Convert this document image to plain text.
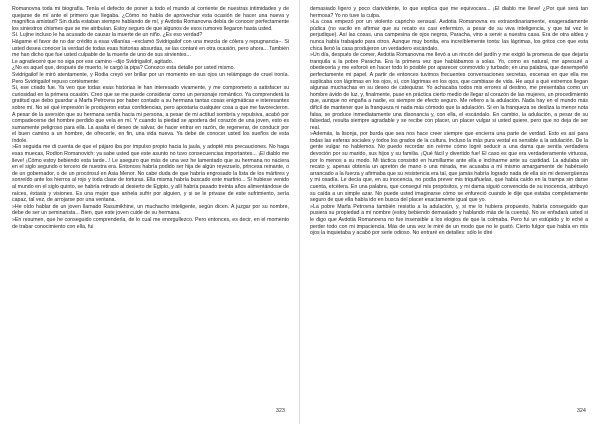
Romanovna toda mi biografía. Tenía el defecto de poner a todo el mundo al corriente de nuestras intimidades y de quejarse de mí ante el primero que llegaba. ¿Cómo no había de aprovechar esta ocasión de hacer una nueva y magnífica amistad? Sin duda estaban siempre hablando de mí, y Avdotia Romanovna debía de conocer perfectamente los siniestros chismes que se me atribuían. Estoy seguro de que algunos de esos rumores llegaron hasta usted.

Sí. Lujine incluso le ha acusado de causar la muerte de un niño. ¿Es eso verdad?

Hágame el favor de no dar crédito a esas villanías –exclamó Svidrigailof con una mezcla de cólera y repugnancia–. Si usted desea conocer la verdad de todas esas historias absurdas, se las contaré en otra ocasión, pero ahora... También me han dicho que fue usted culpable de la muerte de uno de sus sirvientes...

Le agradeceré que no siga por ese camino –dijo Svidrigailof, agitado.

¿No es aquel que, después de muerto, le cargó la pipa? Conozco esta detalle por usted mismo.

Svidrigailof le miró atentamente, y Rodia creyó ver brillar por un momento en sus ojos un relámpago de cruel ironía. Pero Svidrigailof repuso cortésmente:

Sí, ese criado fue. Ya veo que todas esas historias le han interesado vivamente, y me comprometo a satisfacer su curiosidad en la primera ocasión. Creo que se me puede considerar como un personaje romántico. Ya comprenderá la gratitud que debo guardar a Marfa Petrovna por haber contado a su hermana tantas cosas enigmáticas e interesantes sobre mí. No sé qué impresión le produjeron estas confidencias, pero apostaría cualquier cosa a que me favorecieron. A pesar de la aversión que su hermana sentía hacia mi persona, a pesar de mi actitud sombría y repulsiva, acabó por compadecerse del hombre perdido que veía en mí. Y cuando la piedad se apodera del corazón de una joven, esto es sumamente peligroso para ella. La asalta el deseo de salvar, de hacer entrar en razón, de regenerar, de conducir por el buen camino a un hombre, de ofrecerle, en fin, una vida nueva. Ya debe de conocer usted los sueños de esta índole.

»En seguida me di cuenta de que el pájaro iba por impulso propio hacia la jaula, y adopté mis precauciones. No haga esas muecas, Rodion Romanovich: ya sabe usted que este asunto no tuvo consecuencias importantes... ¡El diablo me lleve! ¡Cómo estoy bebiendo esta tarde...! Le aseguro que más de una vez he lamentado que su hermana no naciera en el siglo segundo o tercero de nuestra era. Entonces habría podido ser hija de algún reyezuelo, princesa reinante, o de un gobernador, o de un procónsul en Asia Menor. No cabe duda de que habría engrosado la lista de los mártires y sonreído ante los hierros al rojo y toda clase de torturas. Ella misma habría buscado este martirio... Si hubiese venido al mundo en el siglo quinto, se habría retirado al desierto de Egipto, y allí habría pasado treinta años alimentándose de raíces, éxtasis y visiones. Es una mujer que anhela sufrir por alguien, y si se le privase de este sufrimiento, sería capaz, tal vez, de arrojarse por una ventana.

»He oído hablar de un joven llamado Rasumikhine, un muchacho inteligente, según dicen. A juzgar por su nombre, debe de ser un seminarista... Bien, que este joven cuide de su hermana.

»En resumen, que he conseguido comprenderla, de lo cual me enorgullezco. Pero entonces, es decir, en el momento de trabar conocimiento con ella, fui

323

demasiado ligero y poco clarividente, lo que explica que me equivocara... ¡El diablo me lleve! ¿Por qué será tan hermosa? Yo no tuve la culpa.

»La cosa empezó por un violento capricho sensual. Avdotia Romanovna es extraordinariamente, exageradamente púdica (no vacilo en afirmar que su recato es casi enfermizo, a pesar de su viva inteligencia, y que tal vez le perjudique). Así las cosas, una campesina de ojos negros, Paracha, vino a servir a nuestra casa. Era de otra aldea y nunca había trabajado para otros. Aunque muy bonita, era increíblemente tonta: las lágrimas, los gritos con que esta chica llenó la casa produjeron un verdadero escándalo.

»Un día, después de comer, Avdotia Romanovna me llevó a un rincón del jardín y me exigió la promesa de que dejaría tranquila a la pobre Paracha. Era la primera vez que hablábamos a solas. Yo, como es natural, me apresuré a obedecerla y me esforcé en hacer todo lo posible por aparecer conmovido y turbado; en una palabra, que desempeñé perfectamente mi papel. A partir de entonces tuvimos frecuentes conversaciones secretas, escenas en que ella me suplicaba con lágrimas en los ojos, sí, con lágrimas en los ojos, que cambiase de vida. He aquí a qué extremos llegan algunas muchachas en su deseo de catequizar. Yo achacaba todos mis errores al destino, me presentaba como un hombre ávido de luz, y, finalmente, puse en práctica cierto medio de llegar al corazón de las mujeres, un procedimiento que, aunque no engaña a nadie, es siempre de efecto seguro. Me refiero a la adulación. Nada hay en el mundo más difícil de mantener que la franqueza ni nada más cómodo que la adulación. Si en la franqueza se desliza la menor nota falsa, se produce inmediatamente una disonancia y, con ella, el escándalo. En cambio, la adulación, a pesar de su falsedad, resulta siempre agradable y se recibe con placer, un placer vulgar si usted quiere, pero que no deja de ser real.

»Además, la lisonja, por burda que sea nos hace creer siempre que encierra una parte de verdad. Esto es así para todas las esferas sociales y todos los grados de la cultura. Incluso la más pura vestal es sensible a la adulación. De la gente vulgar no hablemos. No puedo recordar sin reírme cómo logré seducir a una dama que sentía verdadera devoción por su marido, sus hijos y su familia. ¡Qué fácil y divertido fue! El caso es que era verdaderamente virtuosa, por lo menos a su modo. Mi táctica consistió en humillarme ante ella e inclinarme ante su castidad. La adulaba sin recato y, apenas obtenía un apretón de mano o una mirada, me acusaba a mí mismo amargamente de habérselo arrancado a la fuerza y afirmaba que su resistencia era tal, que jamás habría logrado nada de ella sin mi desvergüenza y mi osadía. Le decía que, en su inocencia, no podía prever mis triquiñuelas, que había caído en la trampa sin darse cuenta, etcétera. En una palabra, que conseguí mis propósitos, y mi dama siguió convencida de su inocencia, atribuyó su caída a un simple azar. No puede usted imaginarse cómo se enfureció cuando le dije que estaba completamente seguro de que ella había ido en busca del placer exactamente igual que yo.

»La pobre Marfa Petrovna también resistía a la adulación, y, si me lo hubiera propuesto, habría conseguido que pusiera su propiedad a mi nombre (estoy bebiendo demasiado y hablando más de la cuenta). No se enfadará usted si le digo que Avdotia Romanovna no fue insensible a los elogios de que la colmaba. Pero fui un estúpido y lo eché a perder todo con mi impaciencia. Más de una vez le miré de un modo que no le gustó. Cierto fulgor que había en mis ojos la inquietaba y acabó por serle odioso. No entraré en detalles: sólo le diré

324
